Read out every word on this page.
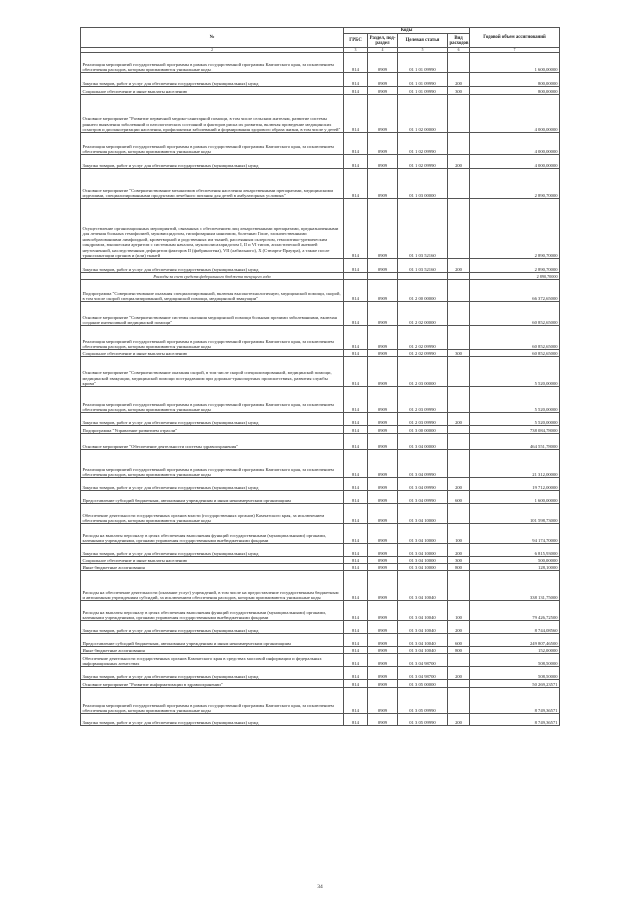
№	Коды				Годовой объем ассигнований
	ГРБС	Раздел, под-раздел	Целевая статья	Вид расходов	
2	3	4	5	6	7
Реализация мероприятий государственной программы в рамках государственной программы Камчатского края, за исключением обеспечения расходов, которым присваиваются уникальные коды	814	0909	01 1 01 09990		1 600,00000
Закупка товаров, работ и услуг для обеспечения государственных (муниципальных) нужд	814	0909	01 1 01 09990	200	800,00000
Социальное обеспечение и иные выплаты населению	814	0909	01 1 01 09990	300	800,00000
Основное мероприятие "Развитие первичной медико-санитарной помощи, в том числе сельским жителям, развитие системы раннего выявления заболеваний и патологических состояний и факторов риска их развития, включая проведение медицинских осмотров и диспансеризации населения, профилактики заболеваний и формирования здорового образа жизни, в том числе у детей"	814	0909	01 1 02 00000		4 000,00000
Реализация мероприятий государственной программы в рамках государственной программы Камчатского края, за исключением обеспечения расходов, которым присваиваются уникальные коды	814	0909	01 1 02 09990		4 000,00000
Закупка товаров, работ и услуг для обеспечения государственных (муниципальных) нужд	814	0909	01 1 02 09990	200	4 000,00000
Основное мероприятие "Совершенствование механизмов обеспечения населения лекарственными препаратами, медицинскими изделиями, специализированными продуктами лечебного питания для детей в амбулаторных условиях"	814	0909	01 1 03 00000		2 890,70000
Осуществление организационных мероприятий, связанных с обеспечением лиц лекарственными препаратами, предназначенными для лечения больных гемофилией, муковисцидозом, гипофизарным нанизмом, болезнью Гоше, злокачественными новообразованиями лимфоидной, кроветворной и родственных им тканей, рассеянным склерозом, гемолитико-уремическим синдромом, юношеским артритом с системным началом, мукополисахаридозом I, II и VI типов, апластической анемией неуточненной, наследственным дефицитом факторов II (фибриногена), VII (лабильного), X (Стюарта-Прауэра), а также после трансплантации органов и (или) тканей	814	0909	01 1 03 52160		2 890,70000
Закупка товаров, работ и услуг для обеспечения государственных (муниципальных) нужд	814	0909	01 1 03 52160	200	2 890,70000
Расходы за счет средств федерального бюджета текущего года					2 890,70000
Подпрограмма "Совершенствование оказания специализированной, включая высокотехнологичную, медицинской помощи, скорой, в том числе скорой специализированной, медицинской помощи, медицинской эвакуации"	814	0909	01 2 00 00000		66 372,65000
Основное мероприятие "Совершенствование системы оказания медицинской помощи больным прочими заболеваниями, включая создание интенсивной медицинской помощи"	814	0909	01 2 02 00000		60 852,65000
Реализация мероприятий государственной программы в рамках государственной программы Камчатского края, за исключением обеспечения расходов, которым присваиваются уникальные коды	814	0909	01 2 02 09990		60 852,65000
Социальное обеспечение и иные выплаты населению	814	0909	01 2 02 09990	300	60 852,65000
Основное мероприятие "Совершенствование оказания скорой, в том числе скорой специализированной, медицинской помощи, медицинской эвакуации, медицинской помощи пострадавшим при дорожно-транспортных происшествиях, развития службы крови"	814	0909	01 2 03 00000		5 520,00000
Реализация мероприятий государственной программы в рамках государственной программы Камчатского края, за исключением обеспечения расходов, которым присваиваются уникальные коды	814	0909	01 2 03 09990		5 520,00000
Закупка товаров, работ и услуг для обеспечения государственных (муниципальных) нужд	814	0909	01 2 03 09990	200	5 520,00000
Подпрограмма "Управление развитием отрасли"	814	0909	01 3 00 00000		738 084,78000
Основное мероприятие "Обеспечение деятельности системы здравоохранения"	814	0909	01 3 04 00000		464 551,78000
Реализация мероприятий государственной программы в рамках государственной программы Камчатского края, за исключением обеспечения расходов, которым присваиваются уникальные коды	814	0909	01 3 04 09990		21 312,00000
Закупка товаров, работ и услуг для обеспечения государственных (муниципальных) нужд	814	0909	01 3 04 09990	200	19 712,00000
Предоставление субсидий бюджетным, автономным учреждениям и иным некоммерческим организациям	814	0909	01 3 04 09990	600	1 600,00000
Обеспечение деятельности государственных органов власти (государственных органов) Камчатского края, за исключением обеспечения расходов, которым присваиваются уникальные коды	814	0909	01 3 04 10000		101 598,73000
Расходы на выплаты персоналу в целях обеспечения выполнения функций государственными (муниципальными) органами, казенными учреждениями, органами управления государственными внебюджетными фондами	814	0909	01 3 04 10000	100	94 174,70000
Закупка товаров, работ и услуг для обеспечения государственных (муниципальных) нужд	814	0909	01 3 04 10000	200	6 815,93000
Социальное обеспечение и иные выплаты населению	814	0909	01 3 04 10000	300	500,00000
Иные бюджетные ассигнования	814	0909	01 3 04 10000	800	128,10000
Расходы на обеспечение деятельности (оказание услуг) учреждений, в том числе на предоставление государственным бюджетным и автономным учреждениям субсидий, за исключением обеспечения расходов, которым присваиваются уникальные коды	814	0909	01 3 04 10040		338 131,75000
Расходы на выплаты персоналу в целях обеспечения выполнения функций государственными (муниципальными) органами, казенными учреждениями, органами управления государственными внебюджетными фондами	814	0909	01 3 04 10040	100	79 426,72500
Закупка товаров, работ и услуг для обеспечения государственных (муниципальных) нужд	814	0909	01 3 04 10040	200	8 744,08560
Предоставление субсидий бюджетным, автономным учреждениям и иным некоммерческим организациям	814	0909	01 3 04 10040	600	249 807,46500
Иные бюджетные ассигнования	814	0909	01 3 04 10040	800	152,00000
Обеспечение деятельности государственных органов Камчатского края в средствах массовой информации и федеральных информационных агентствах	814	0909	01 3 04 98700		508,50000
Закупка товаров, работ и услуг для обеспечения государственных (муниципальных) нужд	814	0909	01 3 04 98700	200	508,50000
Основное мероприятие "Развитие информатизации в здравоохранении"	814	0909	01 3 05 00000		50 269,23571
Реализация мероприятий государственной программы в рамках государственной программы Камчатского края, за исключением обеспечения расходов, которым присваиваются уникальные коды	814	0909	01 3 05 09990		8 749,36571
Закупка товаров, работ и услуг для обеспечения государственных (муниципальных) нужд	814	0909	01 3 05 09990	200	8 749,36571
34
